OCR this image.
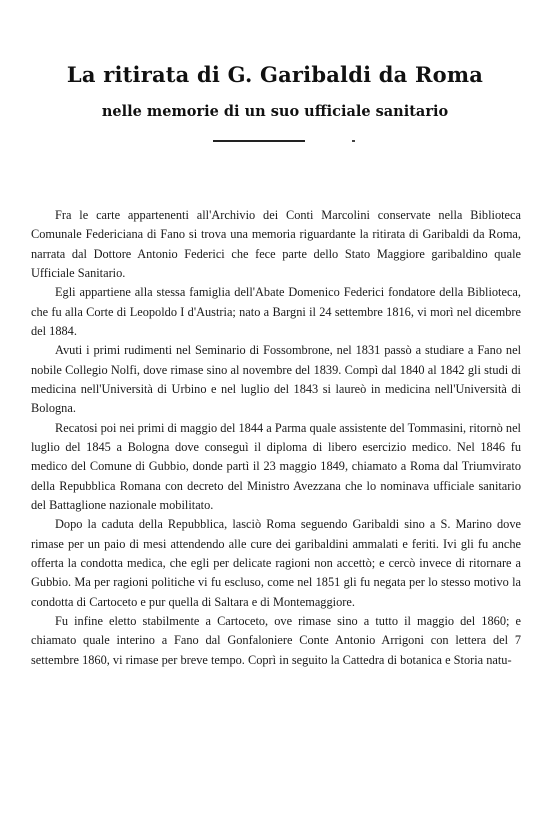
La ritirata di G. Garibaldi da Roma
nelle memorie di un suo ufficiale sanitario

Fra le carte appartenenti all'Archivio dei Conti Marcolini conservate nella Biblioteca Comunale Federiciana di Fano si trova una memoria riguardante la ritirata di Garibaldi da Roma, narrata dal Dottore Antonio Federici che fece parte dello Stato Maggiore garibaldino quale Ufficiale Sanitario.

Egli appartiene alla stessa famiglia dell'Abate Domenico Federici fondatore della Biblioteca, che fu alla Corte di Leopoldo I d'Austria; nato a Bargni il 24 settembre 1816, vi morì nel dicembre del 1884.

Avuti i primi rudimenti nel Seminario di Fossombrone, nel 1831 passò a studiare a Fano nel nobile Collegio Nolfi, dove rimase sino al novembre del 1839. Compì dal 1840 al 1842 gli studi di medicina nell'Università di Urbino e nel luglio del 1843 si laureò in medicina nell'Università di Bologna.

Recatosi poi nei primi di maggio del 1844 a Parma quale assistente del Tommasini, ritornò nel luglio del 1845 a Bologna dove conseguì il diploma di libero esercizio medico. Nel 1846 fu medico del Comune di Gubbio, donde partì il 23 maggio 1849, chiamato a Roma dal Triumvirato della Repubblica Romana con decreto del Ministro Avezzana che lo nominava ufficiale sanitario del Battaglione nazionale mobilitato.

Dopo la caduta della Repubblica, lasciò Roma seguendo Garibaldi sino a S. Marino dove rimase per un paio di mesi attendendo alle cure dei garibaldini ammalati e feriti. Ivi gli fu anche offerta la condotta medica, che egli per delicate ragioni non accettò; e cercò invece di ritornare a Gubbio. Ma per ragioni politiche vi fu escluso, come nel 1851 gli fu negata per lo stesso motivo la condotta di Cartoceto e pur quella di Saltara e di Montemaggiore.

Fu infine eletto stabilmente a Cartoceto, ove rimase sino a tutto il maggio del 1860; e chiamato quale interino a Fano dal Gonfaloniere Conte Antonio Arrigoni con lettera del 7 settembre 1860, vi rimase per breve tempo. Coprì in seguito la Cattedra di botanica e Storia natu-
